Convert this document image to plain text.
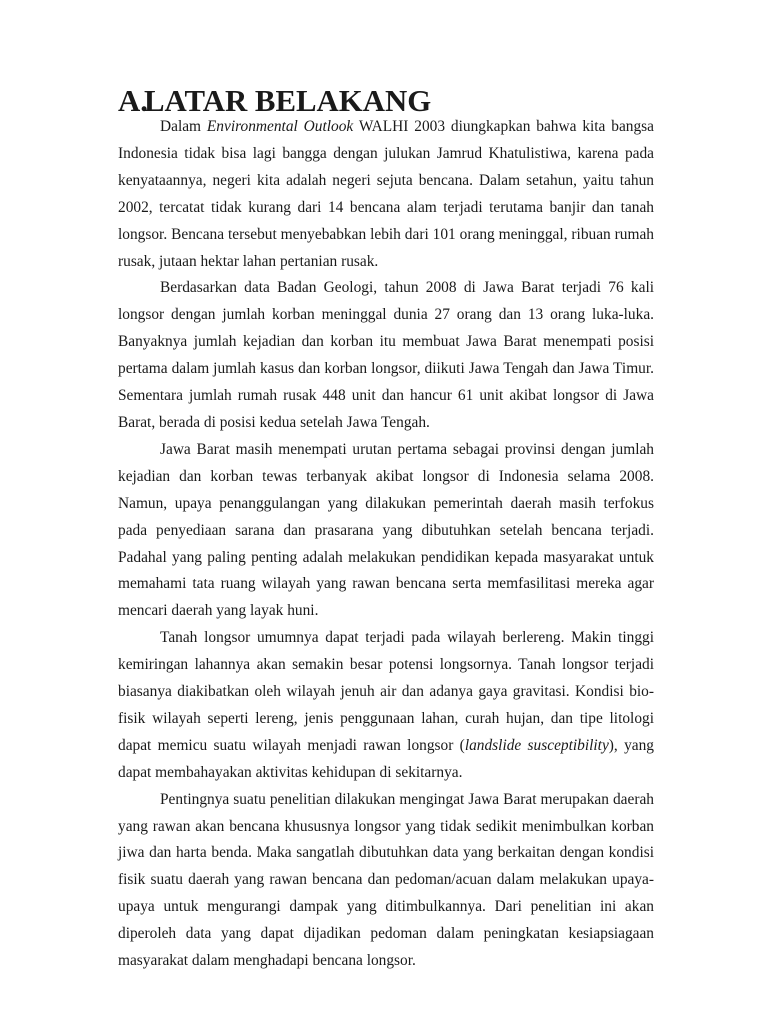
A.LATAR BELAKANG

Dalam Environmental Outlook WALHI 2003 diungkapkan bahwa kita bangsa Indonesia tidak bisa lagi bangga dengan julukan Jamrud Khatulistiwa, karena pada kenyataannya, negeri kita adalah negeri sejuta bencana. Dalam setahun, yaitu tahun 2002, tercatat tidak kurang dari 14 bencana alam terjadi terutama banjir dan tanah longsor. Bencana tersebut menyebabkan lebih dari 101 orang meninggal, ribuan rumah rusak, jutaan hektar lahan pertanian rusak.

Berdasarkan data Badan Geologi, tahun 2008 di Jawa Barat terjadi 76 kali longsor dengan jumlah korban meninggal dunia 27 orang dan 13 orang luka-luka. Banyaknya jumlah kejadian dan korban itu membuat Jawa Barat menempati posisi pertama dalam jumlah kasus dan korban longsor, diikuti Jawa Tengah dan Jawa Timur. Sementara jumlah rumah rusak 448 unit dan hancur 61 unit akibat longsor di Jawa Barat, berada di posisi kedua setelah Jawa Tengah.

Jawa Barat masih menempati urutan pertama sebagai provinsi dengan jumlah kejadian dan korban tewas terbanyak akibat longsor di Indonesia selama 2008. Namun, upaya penanggulangan yang dilakukan pemerintah daerah masih terfokus pada penyediaan sarana dan prasarana yang dibutuhkan setelah bencana terjadi. Padahal yang paling penting adalah melakukan pendidikan kepada masyarakat untuk memahami tata ruang wilayah yang rawan bencana serta memfasilitasi mereka agar mencari daerah yang layak huni.

Tanah longsor umumnya dapat terjadi pada wilayah berlereng. Makin tinggi kemiringan lahannya akan semakin besar potensi longsornya. Tanah longsor terjadi biasanya diakibatkan oleh wilayah jenuh air dan adanya gaya gravitasi. Kondisi bio-fisik wilayah seperti lereng, jenis penggunaan lahan, curah hujan, dan tipe litologi dapat memicu suatu wilayah menjadi rawan longsor (landslide susceptibility), yang dapat membahayakan aktivitas kehidupan di sekitarnya.

Pentingnya suatu penelitian dilakukan mengingat Jawa Barat merupakan daerah yang rawan akan bencana khususnya longsor yang tidak sedikit menimbulkan korban jiwa dan harta benda. Maka sangatlah dibutuhkan data yang berkaitan dengan kondisi fisik suatu daerah yang rawan bencana dan pedoman/acuan dalam melakukan upaya-upaya untuk mengurangi dampak yang ditimbulkannya. Dari penelitian ini akan diperoleh data yang dapat dijadikan pedoman dalam peningkatan kesiapsiagaan masyarakat dalam menghadapi bencana longsor.
